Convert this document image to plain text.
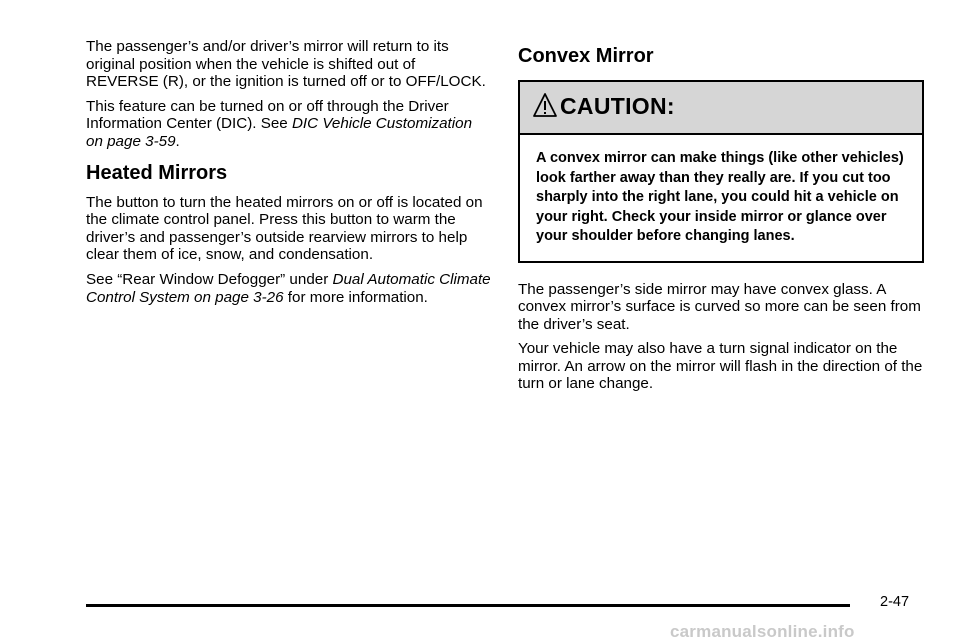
The passenger’s and/or driver’s mirror will return to its original position when the vehicle is shifted out of REVERSE (R), or the ignition is turned off or to OFF/LOCK.

This feature can be turned on or off through the Driver Information Center (DIC). See DIC Vehicle Customization on page 3-59.

Heated Mirrors

The button to turn the heated mirrors on or off is located on the climate control panel. Press this button to warm the driver’s and passenger’s outside rearview mirrors to help clear them of ice, snow, and condensation.

See “Rear Window Defogger” under Dual Automatic Climate Control System on page 3-26 for more information.

Convex Mirror
CAUTION:
A convex mirror can make things (like other vehicles) look farther away than they really are. If you cut too sharply into the right lane, you could hit a vehicle on your right. Check your inside mirror or glance over your shoulder before changing lanes.

The passenger’s side mirror may have convex glass. A convex mirror’s surface is curved so more can be seen from the driver’s seat.

Your vehicle may also have a turn signal indicator on the mirror. An arrow on the mirror will flash in the direction of the turn or lane change.

2-47
carmanualsonline.info
